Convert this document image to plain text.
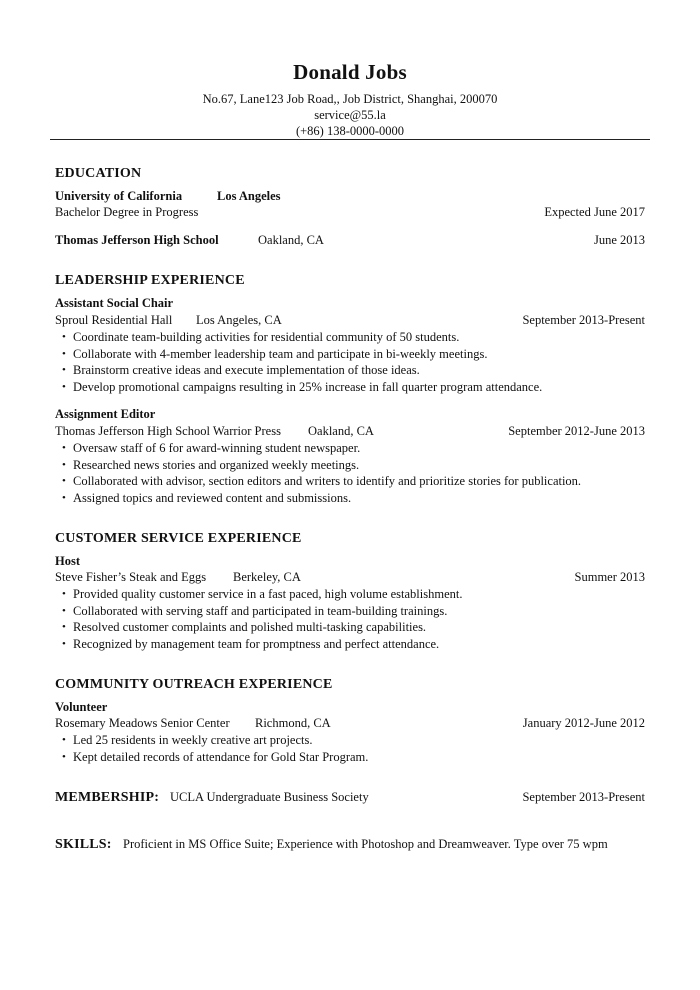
Donald Jobs
No.67, Lane123 Job Road,, Job District, Shanghai, 200070
service@55.la
(+86) 138-0000-0000
EDUCATION
University of California	Los Angeles
Bachelor Degree in Progress	Expected June 2017
Thomas Jefferson High School	Oakland, CA	June 2013
LEADERSHIP EXPERIENCE
Assistant Social Chair
Sproul Residential Hall Los Angeles, CA	September 2013-Present
• Coordinate team-building activities for residential community of 50 students.
• Collaborate with 4-member leadership team and participate in bi-weekly meetings.
• Brainstorm creative ideas and execute implementation of those ideas.
• Develop promotional campaigns resulting in 25% increase in fall quarter program attendance.
Assignment Editor
Thomas Jefferson High School Warrior Press Oakland, CA	September 2012-June 2013
• Oversaw staff of 6 for award-winning student newspaper.
• Researched news stories and organized weekly meetings.
• Collaborated with advisor, section editors and writers to identify and prioritize stories for publication.
• Assigned topics and reviewed content and submissions.
CUSTOMER SERVICE EXPERIENCE
Host
Steve Fisher’s Steak and Eggs Berkeley, CA	Summer 2013
• Provided quality customer service in a fast paced, high volume establishment.
• Collaborated with serving staff and participated in team-building trainings.
• Resolved customer complaints and polished multi-tasking capabilities.
• Recognized by management team for promptness and perfect attendance.
COMMUNITY OUTREACH EXPERIENCE
Volunteer
Rosemary Meadows Senior Center Richmond, CA	January 2012-June 2012
• Led 25 residents in weekly creative art projects.
• Kept detailed records of attendance for Gold Star Program.
MEMBERSHIP: UCLA Undergraduate Business Society	September 2013-Present
SKILLS: Proficient in MS Office Suite; Experience with Photoshop and Dreamweaver. Type over 75 wpm
